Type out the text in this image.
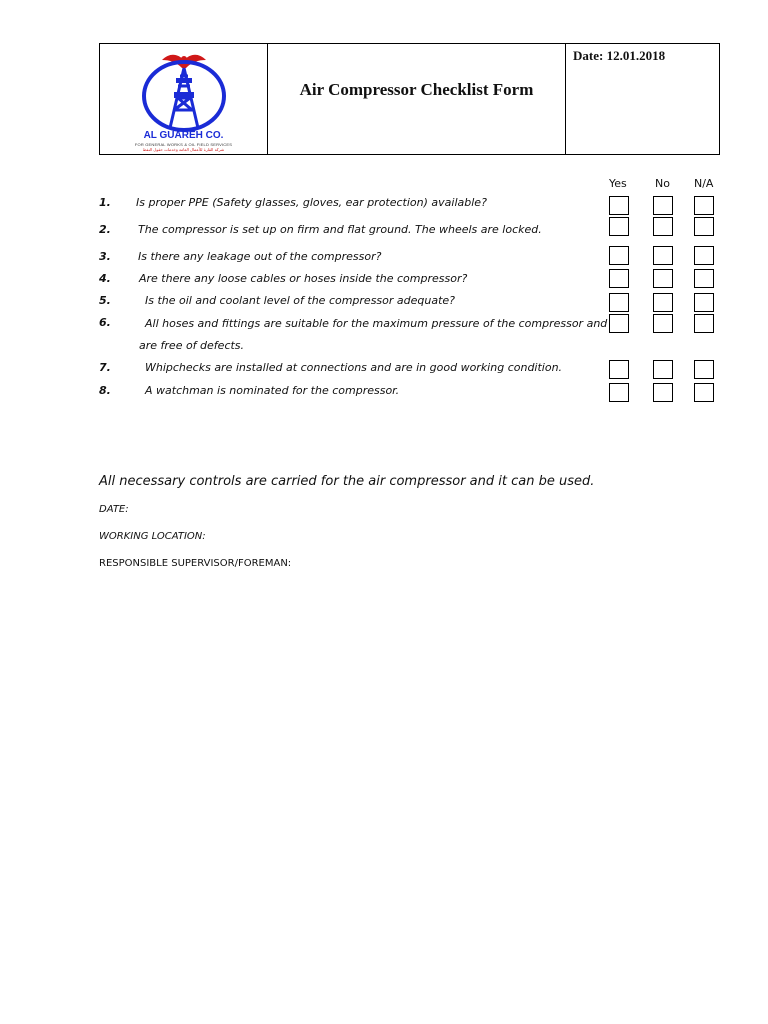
AL GUAREH CO.
FOR GENERAL WORKS & OIL FIELD SERVICES
شركة القارة للأعمال العامة وخدمات حقول النفط
Air Compressor Checklist Form
Date: 12.01.2018
Yes	No N/A
1. Is proper PPE (Safety glasses, gloves, ear protection) available?
2. The compressor is set up on firm and flat ground. The wheels are locked.
3. Is there any leakage out of the compressor?
4.	Are there any loose cables or hoses inside the compressor?
5.	Is the oil and coolant level of the compressor adequate?
6.	All hoses and fittings are suitable for the maximum pressure of the compressor and
are free of defects.
7.	Whipchecks are installed at connections and are in good working condition.
8.	A watchman is nominated for the compressor.
All necessary controls are carried for the air compressor and it can be used.
DATE:
WORKING LOCATION:
RESPONSIBLE SUPERVISOR/FOREMAN:
